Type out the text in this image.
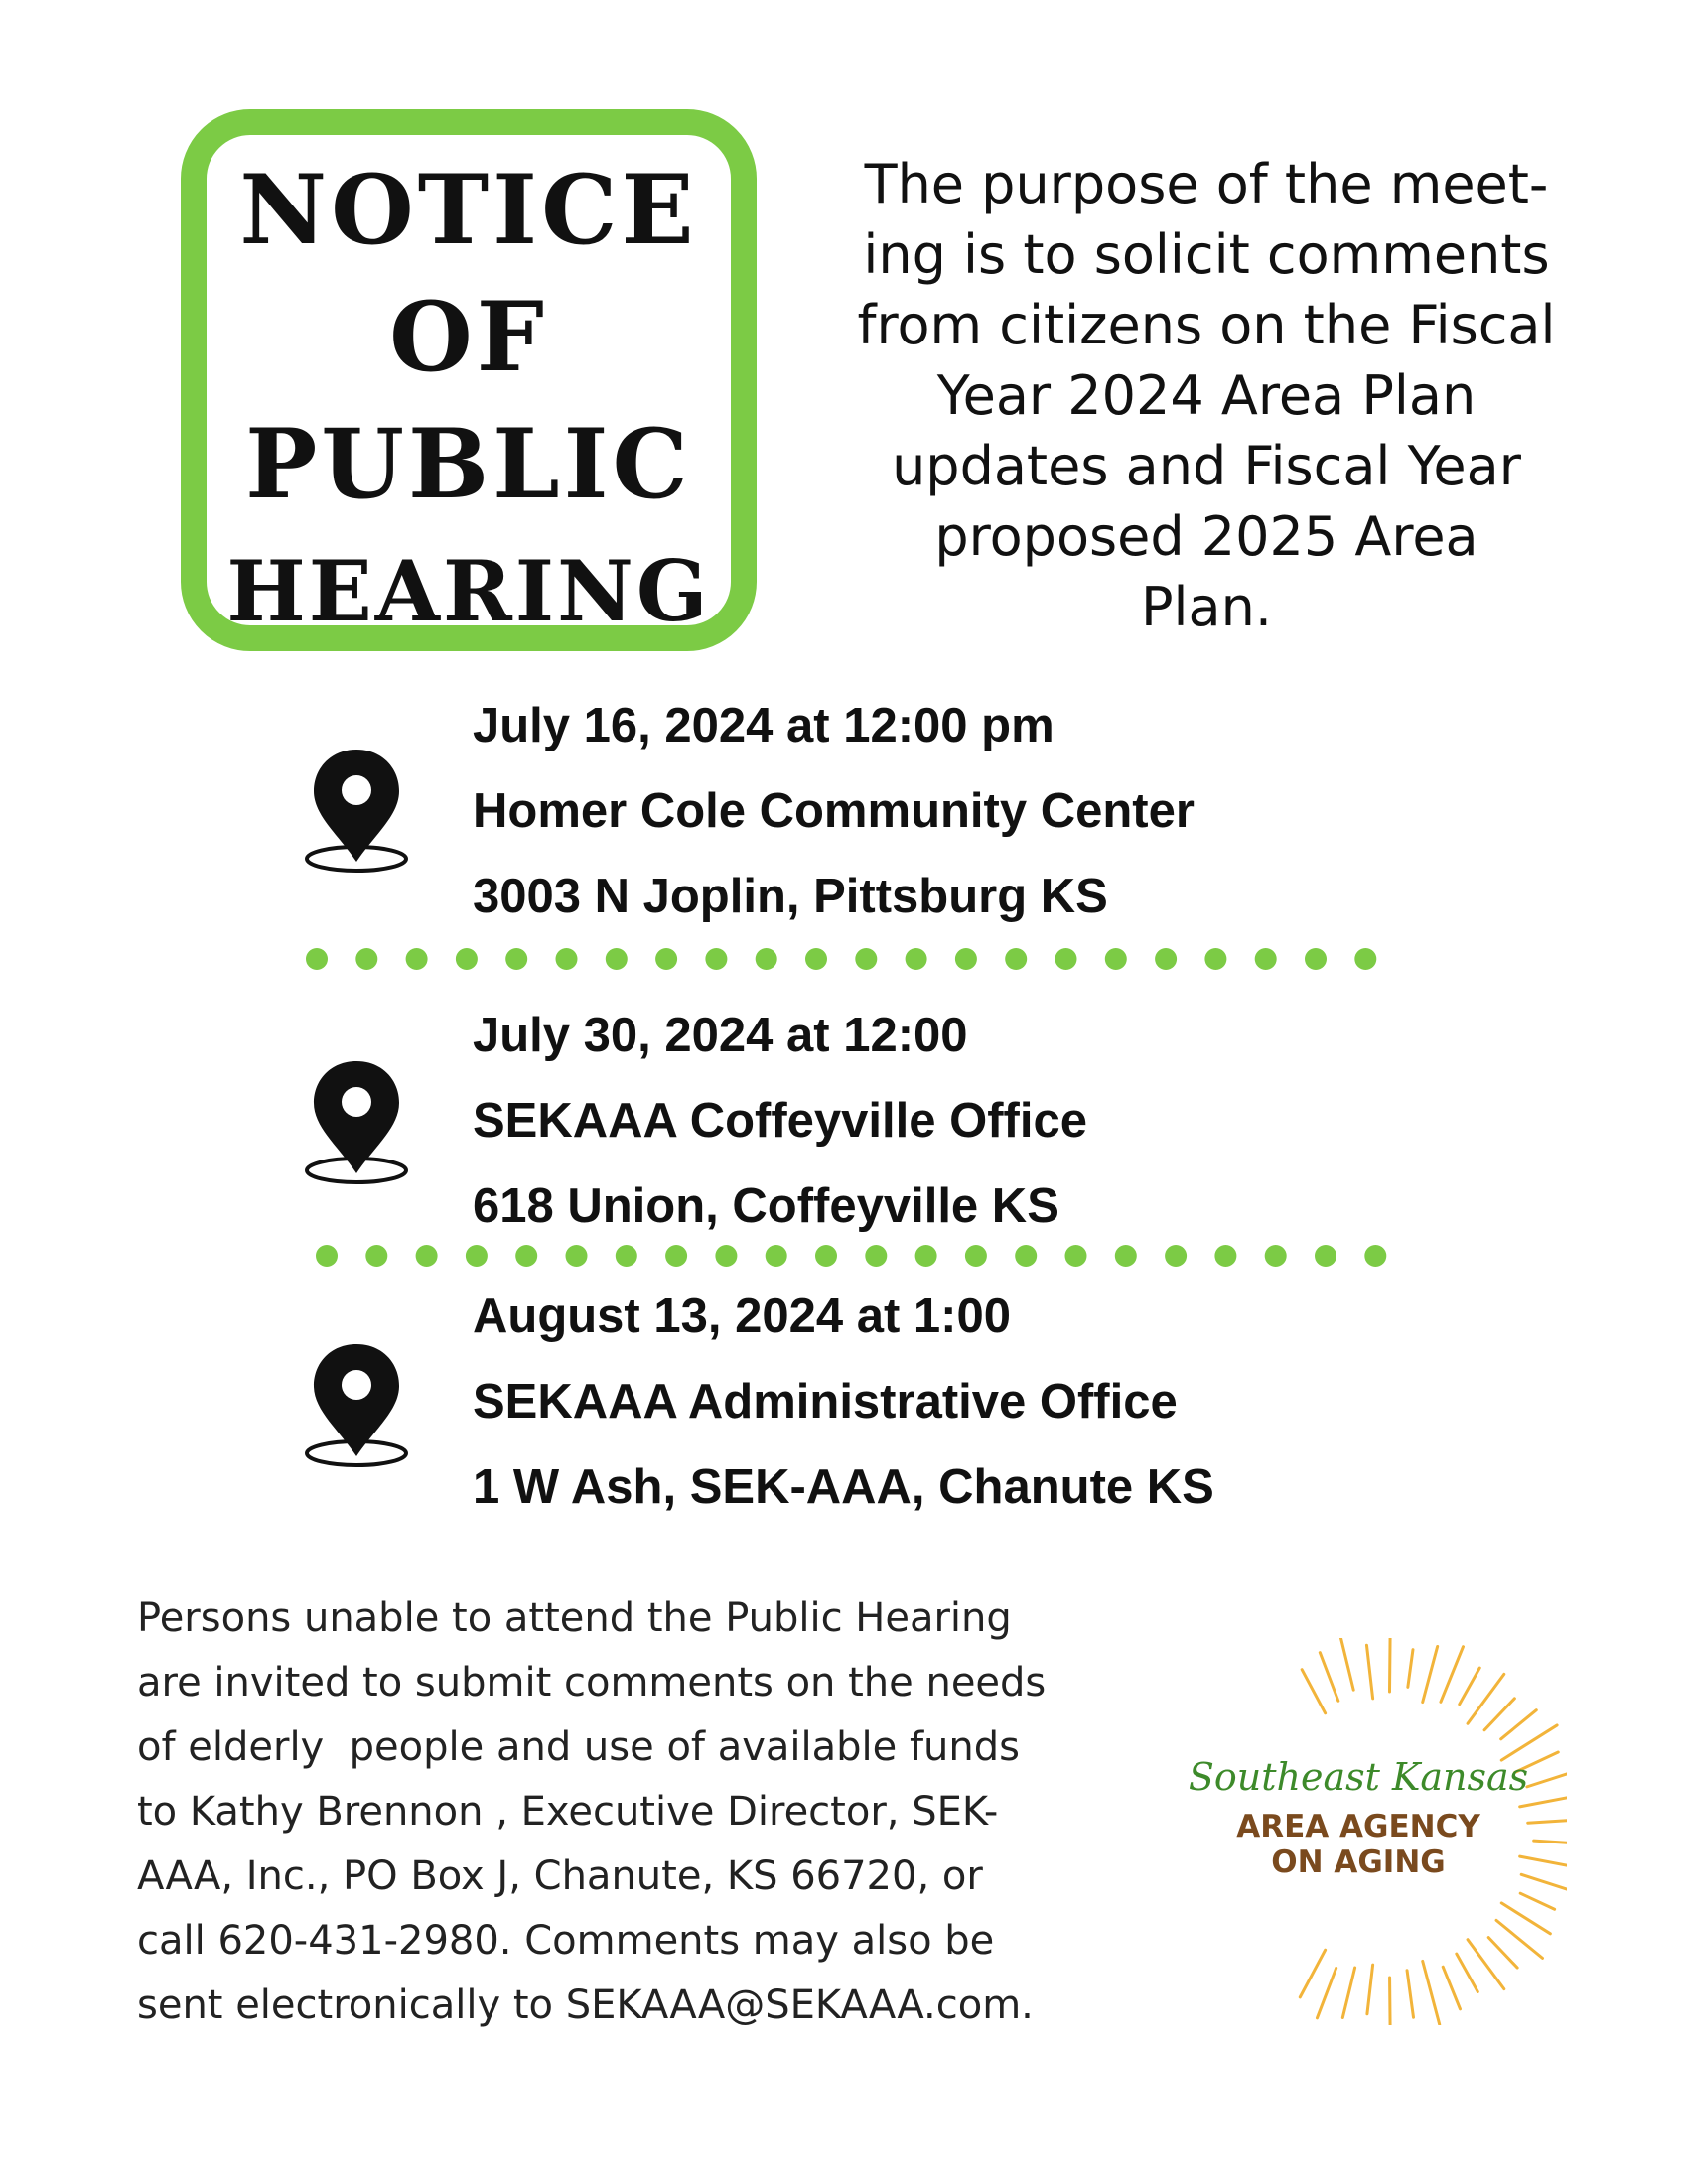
NOTICE
OF
PUBLIC
HEARING

The purpose of the meet-
ing is to solicit comments
from citizens on the Fiscal
Year 2024 Area Plan
updates and Fiscal Year
proposed 2025 Area
Plan.

July 16, 2024 at 12:00 pm
Homer Cole Community Center
3003 N Joplin, Pittsburg KS

July 30, 2024 at 12:00
SEKAAA Coffeyville Office
618 Union, Coffeyville KS

August 13, 2024 at 1:00
SEKAAA Administrative Office
1 W Ash, SEK-AAA, Chanute KS

Persons unable to attend the Public Hearing
are invited to submit comments on the needs
of elderly  people and use of available funds
to Kathy Brennon , Executive Director, SEK-
AAA, Inc., PO Box J, Chanute, KS 66720, or
call 620-431-2980. Comments may also be
sent electronically to SEKAAA@SEKAAA.com.

Southeast Kansas

AREA AGENCY
ON AGING
